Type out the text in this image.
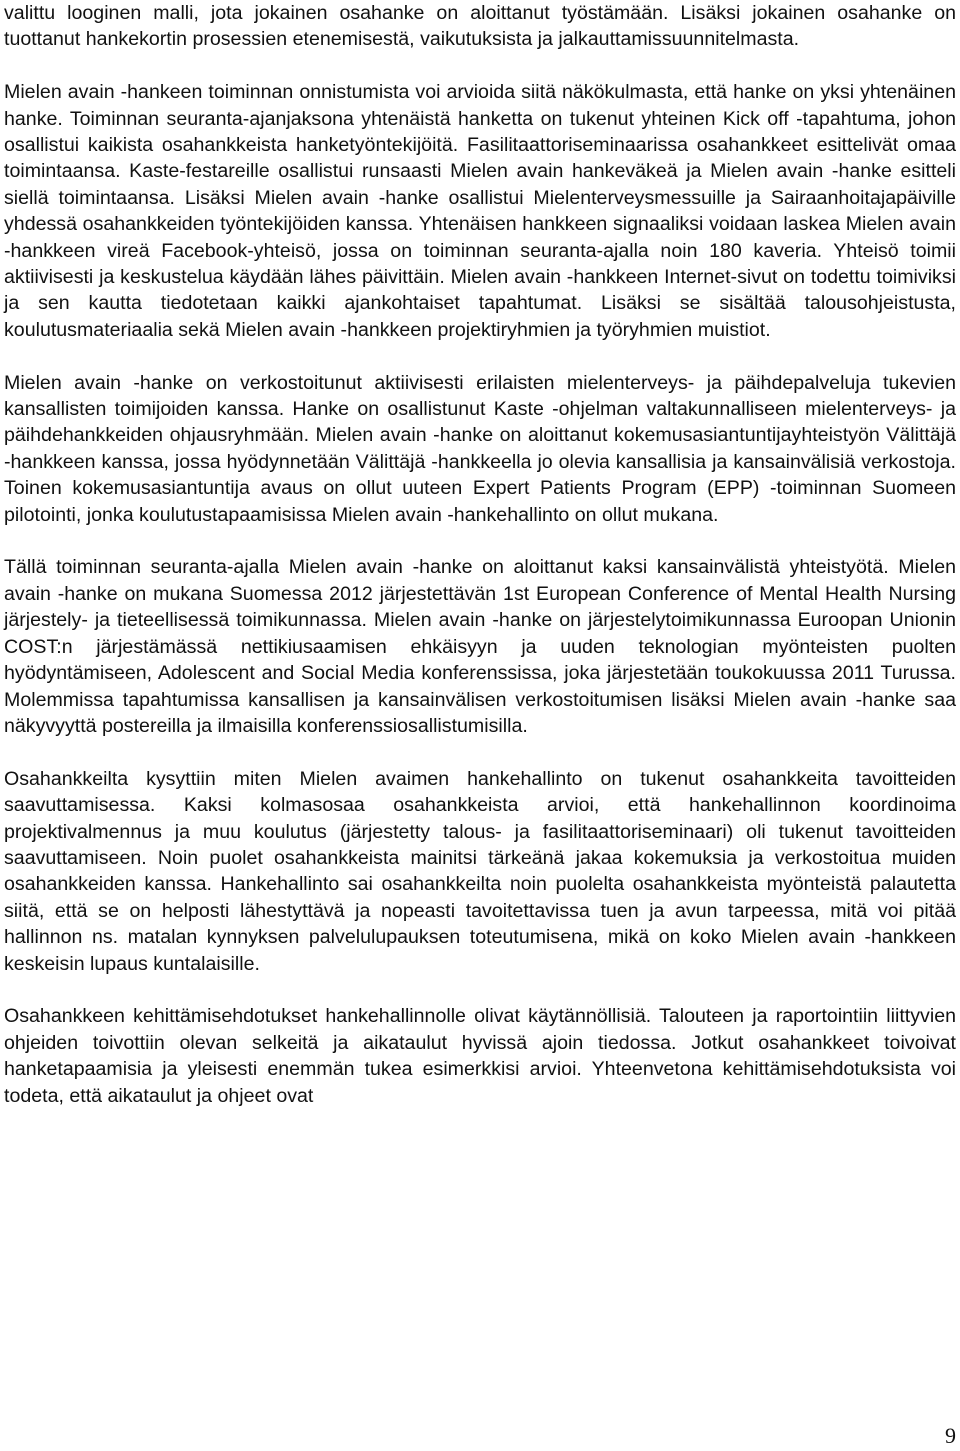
valittu looginen malli, jota jokainen osahanke on aloittanut työstämään. Lisäksi jokainen osahanke on tuottanut hankekortin prosessien etenemisestä, vaikutuksista ja jalkauttamissuunnitelmasta.

Mielen avain -hankeen toiminnan onnistumista voi arvioida siitä näkökulmasta, että hanke on yksi yhtenäinen hanke. Toiminnan seuranta-ajanjaksona yhtenäistä hanketta on tukenut yhteinen Kick off -tapahtuma, johon osallistui kaikista osahankkeista hanketyöntekijöitä. Fasilitaattoriseminaarissa osahankkeet esittelivät omaa toimintaansa. Kaste-festareille osallistui runsaasti Mielen avain hankeväkeä ja Mielen avain -hanke esitteli siellä toimintaansa. Lisäksi Mielen avain -hanke osallistui Mielenterveysmessuille ja Sairaanhoitajapäiville yhdessä osahankkeiden työntekijöiden kanssa. Yhtenäisen hankkeen signaaliksi voidaan laskea Mielen avain -hankkeen vireä Facebook-yhteisö, jossa on toiminnan seuranta-ajalla noin 180 kaveria. Yhteisö toimii aktiivisesti ja keskustelua käydään lähes päivittäin. Mielen avain -hankkeen Internet-sivut on todettu toimiviksi ja sen kautta tiedotetaan kaikki ajankohtaiset tapahtumat. Lisäksi se sisältää talousohjeistusta, koulutusmateriaalia sekä Mielen avain -hankkeen projektiryhmien ja työryhmien muistiot.

Mielen avain -hanke on verkostoitunut aktiivisesti erilaisten mielenterveys- ja päihdepalveluja tukevien kansallisten toimijoiden kanssa. Hanke on osallistunut Kaste -ohjelman valtakunnalliseen mielenterveys- ja päihdehankkeiden ohjausryhmään. Mielen avain -hanke on aloittanut kokemusasiantuntijayhteistyön Välittäjä -hankkeen kanssa, jossa hyödynnetään Välittäjä -hankkeella jo olevia kansallisia ja kansainvälisiä verkostoja. Toinen kokemusasiantuntija avaus on ollut uuteen Expert Patients Program (EPP) -toiminnan Suomeen pilotointi, jonka koulutustapaamisissa Mielen avain -hankehallinto on ollut mukana.

Tällä toiminnan seuranta-ajalla Mielen avain -hanke on aloittanut kaksi kansainvälistä yhteistyötä. Mielen avain -hanke on mukana Suomessa 2012 järjestettävän 1st European Conference of Mental Health Nursing järjestely- ja tieteellisessä toimikunnassa. Mielen avain -hanke on järjestelytoimikunnassa Euroopan Unionin COST:n järjestämässä nettikiusaamisen ehkäisyyn ja uuden teknologian myönteisten puolten hyödyntämiseen, Adolescent and Social Media konferenssissa, joka järjestetään toukokuussa 2011 Turussa. Molemmissa tapahtumissa kansallisen ja kansainvälisen verkostoitumisen lisäksi Mielen avain -hanke saa näkyvyyttä postereilla ja ilmaisilla konferenssiosallistumisilla.

Osahankkeilta kysyttiin miten Mielen avaimen hankehallinto on tukenut osahankkeita tavoitteiden saavuttamisessa. Kaksi kolmasosaa osahankkeista arvioi, että hankehallinnon koordinoima projektivalmennus ja muu koulutus (järjestetty talous- ja fasilitaattoriseminaari) oli tukenut tavoitteiden saavuttamiseen. Noin puolet osahankkeista mainitsi tärkeänä jakaa kokemuksia ja verkostoitua muiden osahankkeiden kanssa. Hankehallinto sai osahankkeilta noin puolelta osahankkeista myönteistä palautetta siitä, että se on helposti lähestyttävä ja nopeasti tavoitettavissa tuen ja avun tarpeessa, mitä voi pitää hallinnon ns. matalan kynnyksen palvelulupauksen toteutumisena, mikä on koko Mielen avain -hankkeen keskeisin lupaus kuntalaisille.

Osahankkeen kehittämisehdotukset hankehallinnolle olivat käytännöllisiä. Talouteen ja raportointiin liittyvien ohjeiden toivottiin olevan selkeitä ja aikataulut hyvissä ajoin tiedossa. Jotkut osahankkeet toivoivat hanketapaamisia ja yleisesti enemmän tukea esimerkkisi arvioi. Yhteenvetona kehittämisehdotuksista voi todeta, että aikataulut ja ohjeet ovat

9
